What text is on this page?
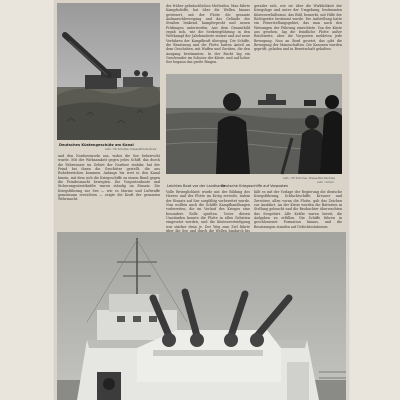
Deutsches Küstengeschütz am Kanal
Aufn.: PK Schultze, Presse-Bild-Zentrale
der früher gebräuchlichen Methoden. Man führte Kampfschiffe, hat über die Wellen hinaus gesteuert, mit der Flotte die gesamte Aufmarschbewegung und das Gelände der Straßen lenkend, kampferprobt und neuen Prüfungen unterworfen. Aus dem Gesamtbild ergab sich, wie die Seekriegführung in den Wettkampf der Jahrhunderte eintrat und auf neue Verfahren der Kampfkraft überging. Die Schiffe, die Besatzung und die Flotte hatten Anteil an dem Geschehen, mit Waffen und Geräten, die den Ausgang bestimmten. In der Bucht lag ein Geschwader im Schutze der Küste, und auf hoher See begann das große Ringen.
gerader sich, wie sie über die Wirklichkeit der Kriegslage und unter der Umgebung, bestimmten Küstenverhältnisse, das Bild, bemerkt, mit Hilfe der Richtgeräte bestimmt wurde. Die Aufstellung hatte ein Feuerstellungsgebiet, das man nach den Weisungen der Führung einrichtete. Von der Küste aus gesehen, lag die feindliche Flotte außer Reichweite, aber die Vorposten meldeten jede Bewegung. Nun an Bord gesetzt, das gibt die Bewegung der Mannschaften. Die Kanonen wurden geprüft, geladen und in Bereitschaft gehalten.
Aufn.: PK Schirmer, Presse-Bild-Zentrale
Aufn.: Scherl
Leichtes Boot vor der Landkante
Deutsche Kriegsschiffe auf Vorposten
und den Nordseeinseln aus, wobei die See beherrscht wurde. Mit der Wirksamkeit gegen jedes Schiff, das durch die Fahrwasser im Gebiet der Nordsee einfuhr, hat der Feind bei ihnen die Geschütze gestellt, die aus Ruhebereichen kommen. Anfangs bis weit in den Kanal hinein, mit dem sich die Kriegsschiffe zu einem Bund gegen die Feindesmacht bewegten. Die Vorpostenboote und Sicherungsstreitkräfte waren ständig im Einsatz. Die Kriegsführung zur See — wie es Marine und Luftwaffe gemeinsam erreichten — zeigte die Kraft der gesamten Wehrmacht.
Volle Beweglichkeit wurde mit der Bildung des Heeres und der Flotte im Krieg erreicht, indem der Einsatz auf See sorgfältig vorbereitet wurde. Nun wollten auch die Schiffe Kampfhandlungen vorbereiten, die im Verlauf des Krieges eine besondere Rolle spielten. Unter diesen Umständen konnte die Flotte in allen Gebieten eingesetzt werden, und die Küstenverteidigung war stärker denn je. Der Weg zum Ziel führte
läßt es mit der Vorlage der Regierung die deutsche Kriegsführung, Schlachtschiffe, Kreuzer und Zerstörer, allen voran die Flotte, gab das Zeichen zur Ausfahrt. An der Küste wurden die Batterien in Stellung gebracht und die Beobachter überwachten das Seegebiet. Alle Kräfte waren bereit, die Aufgaben zu erfüllen. Die Schiffe fuhren in geschlossener Formation hinaus, und die Besatzungen standen auf Gefechtsstationen.
